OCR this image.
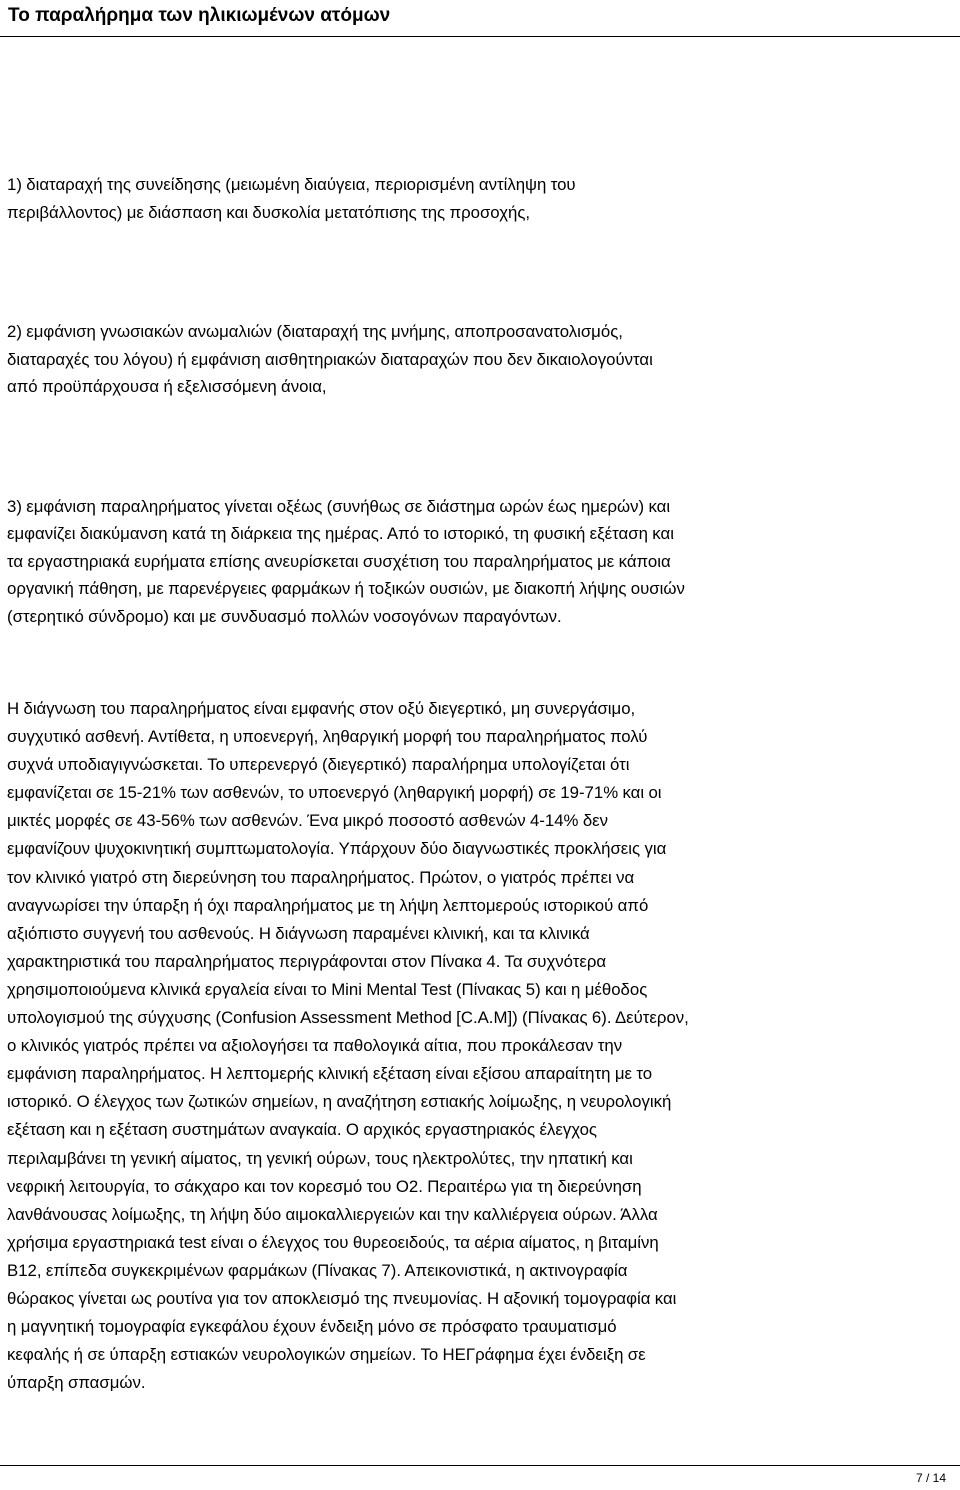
Το παραλήρημα των ηλικιωμένων ατόμων

1) διαταραχή της συνείδησης (μειωμένη διαύγεια, περιορισμένη αντίληψη του
περιβάλλοντος) με διάσπαση και δυσκολία μετατόπισης της προσοχής,

2) εμφάνιση γνωσιακών ανωμαλιών (διαταραχή της μνήμης, αποπροσανατολισμός,
διαταραχές του λόγου) ή εμφάνιση αισθητηριακών διαταραχών που δεν δικαιολογούνται
από προϋπάρχουσα ή εξελισσόμενη άνοια,

3) εμφάνιση παραληρήματος γίνεται οξέως (συνήθως σε διάστημα ωρών έως ημερών) και
εμφανίζει διακύμανση κατά τη διάρκεια της ημέρας. Από το ιστορικό, τη φυσική εξέταση και
τα εργαστηριακά ευρήματα επίσης ανευρίσκεται συσχέτιση του παραληρήματος με κάποια
οργανική πάθηση, με παρενέργειες φαρμάκων ή τοξικών ουσιών, με διακοπή λήψης ουσιών
(στερητικό σύνδρομο) και με συνδυασμό πολλών νοσογόνων παραγόντων.

Η διάγνωση του παραληρήματος είναι εμφανής στον οξύ διεγερτικό, μη συνεργάσιμο,
συγχυτικό ασθενή. Αντίθετα, η υποενεργή, ληθαργική μορφή του παραληρήματος πολύ
συχνά υποδιαγιγνώσκεται. Το υπερενεργό (διεγερτικό) παραλήρημα υπολογίζεται ότι
εμφανίζεται σε 15-21% των ασθενών, το υποενεργό (ληθαργική μορφή) σε 19-71% και οι
μικτές μορφές σε 43-56% των ασθενών. Ένα μικρό ποσοστό ασθενών 4-14% δεν
εμφανίζουν ψυχοκινητική συμπτωματολογία. Υπάρχουν δύο διαγνωστικές προκλήσεις για
τον κλινικό γιατρό στη διερεύνηση του παραληρήματος. Πρώτον, ο γιατρός πρέπει να
αναγνωρίσει την ύπαρξη ή όχι παραληρήματος με τη λήψη λεπτομερούς ιστορικού από
αξιόπιστο συγγενή του ασθενούς. Η διάγνωση παραμένει κλινική, και τα κλινικά
χαρακτηριστικά του παραληρήματος περιγράφονται στον Πίνακα 4. Τα συχνότερα
χρησιμοποιούμενα κλινικά εργαλεία είναι το Mini Mental Test (Πίνακας 5) και η μέθοδος
υπολογισμού της σύγχυσης (Confusion Assessment Method [C.A.M]) (Πίνακας 6). Δεύτερον,
ο κλινικός γιατρός πρέπει να αξιολογήσει τα παθολογικά αίτια, που προκάλεσαν την
εμφάνιση παραληρήματος. Η λεπτομερής κλινική εξέταση είναι εξίσου απαραίτητη με το
ιστορικό. Ο έλεγχος των ζωτικών σημείων, η αναζήτηση εστιακής λοίμωξης, η νευρολογική
εξέταση και η εξέταση συστημάτων αναγκαία. Ο αρχικός εργαστηριακός έλεγχος
περιλαμβάνει τη γενική αίματος, τη γενική ούρων, τους ηλεκτρολύτες, την ηπατική και
νεφρική λειτουργία, το σάκχαρο και τον κορεσμό του Ο2. Περαιτέρω για τη διερεύνηση
λανθάνουσας λοίμωξης, τη λήψη δύο αιμοκαλλιεργειών και την καλλιέργεια ούρων. Άλλα
χρήσιμα εργαστηριακά test είναι ο έλεγχος του θυρεοειδούς, τα αέρια αίματος, η βιταμίνη
Β12, επίπεδα συγκεκριμένων φαρμάκων (Πίνακας 7). Απεικονιστικά, η ακτινογραφία
θώρακος γίνεται ως ρουτίνα για τον αποκλεισμό της πνευμονίας. Η αξονική τομογραφία και
η μαγνητική τομογραφία εγκεφάλου έχουν ένδειξη μόνο σε πρόσφατο τραυματισμό
κεφαλής ή σε ύπαρξη εστιακών νευρολογικών σημείων. Το ΗΕΓράφημα έχει ένδειξη σε
ύπαρξη σπασμών.

7 / 14
